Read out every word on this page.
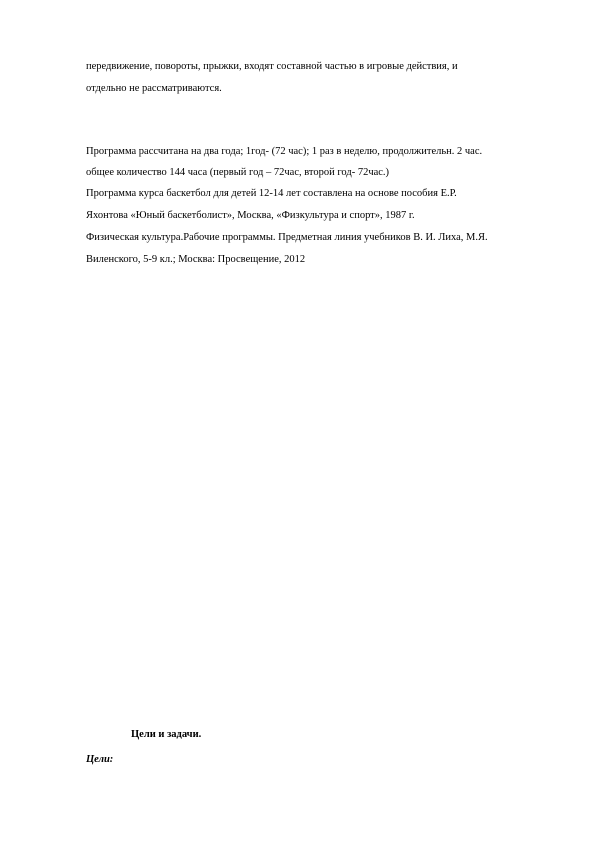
передвижение, повороты, прыжки, входят составной частью в игровые действия, и
отдельно не рассматриваются.
Программа рассчитана на два года; 1год- (72 час); 1 раз в неделю, продолжительн. 2 час.
общее количество 144 часа (первый год – 72час, второй год- 72час.)
Программа курса баскетбол для детей 12-14 лет составлена на основе пособия Е.Р.
Яхонтова «Юный баскетболист», Москва, «Физкультура и спорт», 1987 г.
Физическая культура.Рабочие программы. Предметная линия учебников В. И. Лиха, М.Я.
Виленского, 5-9 кл.; Москва: Просвещение, 2012
Цели и задачи.
Цели:
